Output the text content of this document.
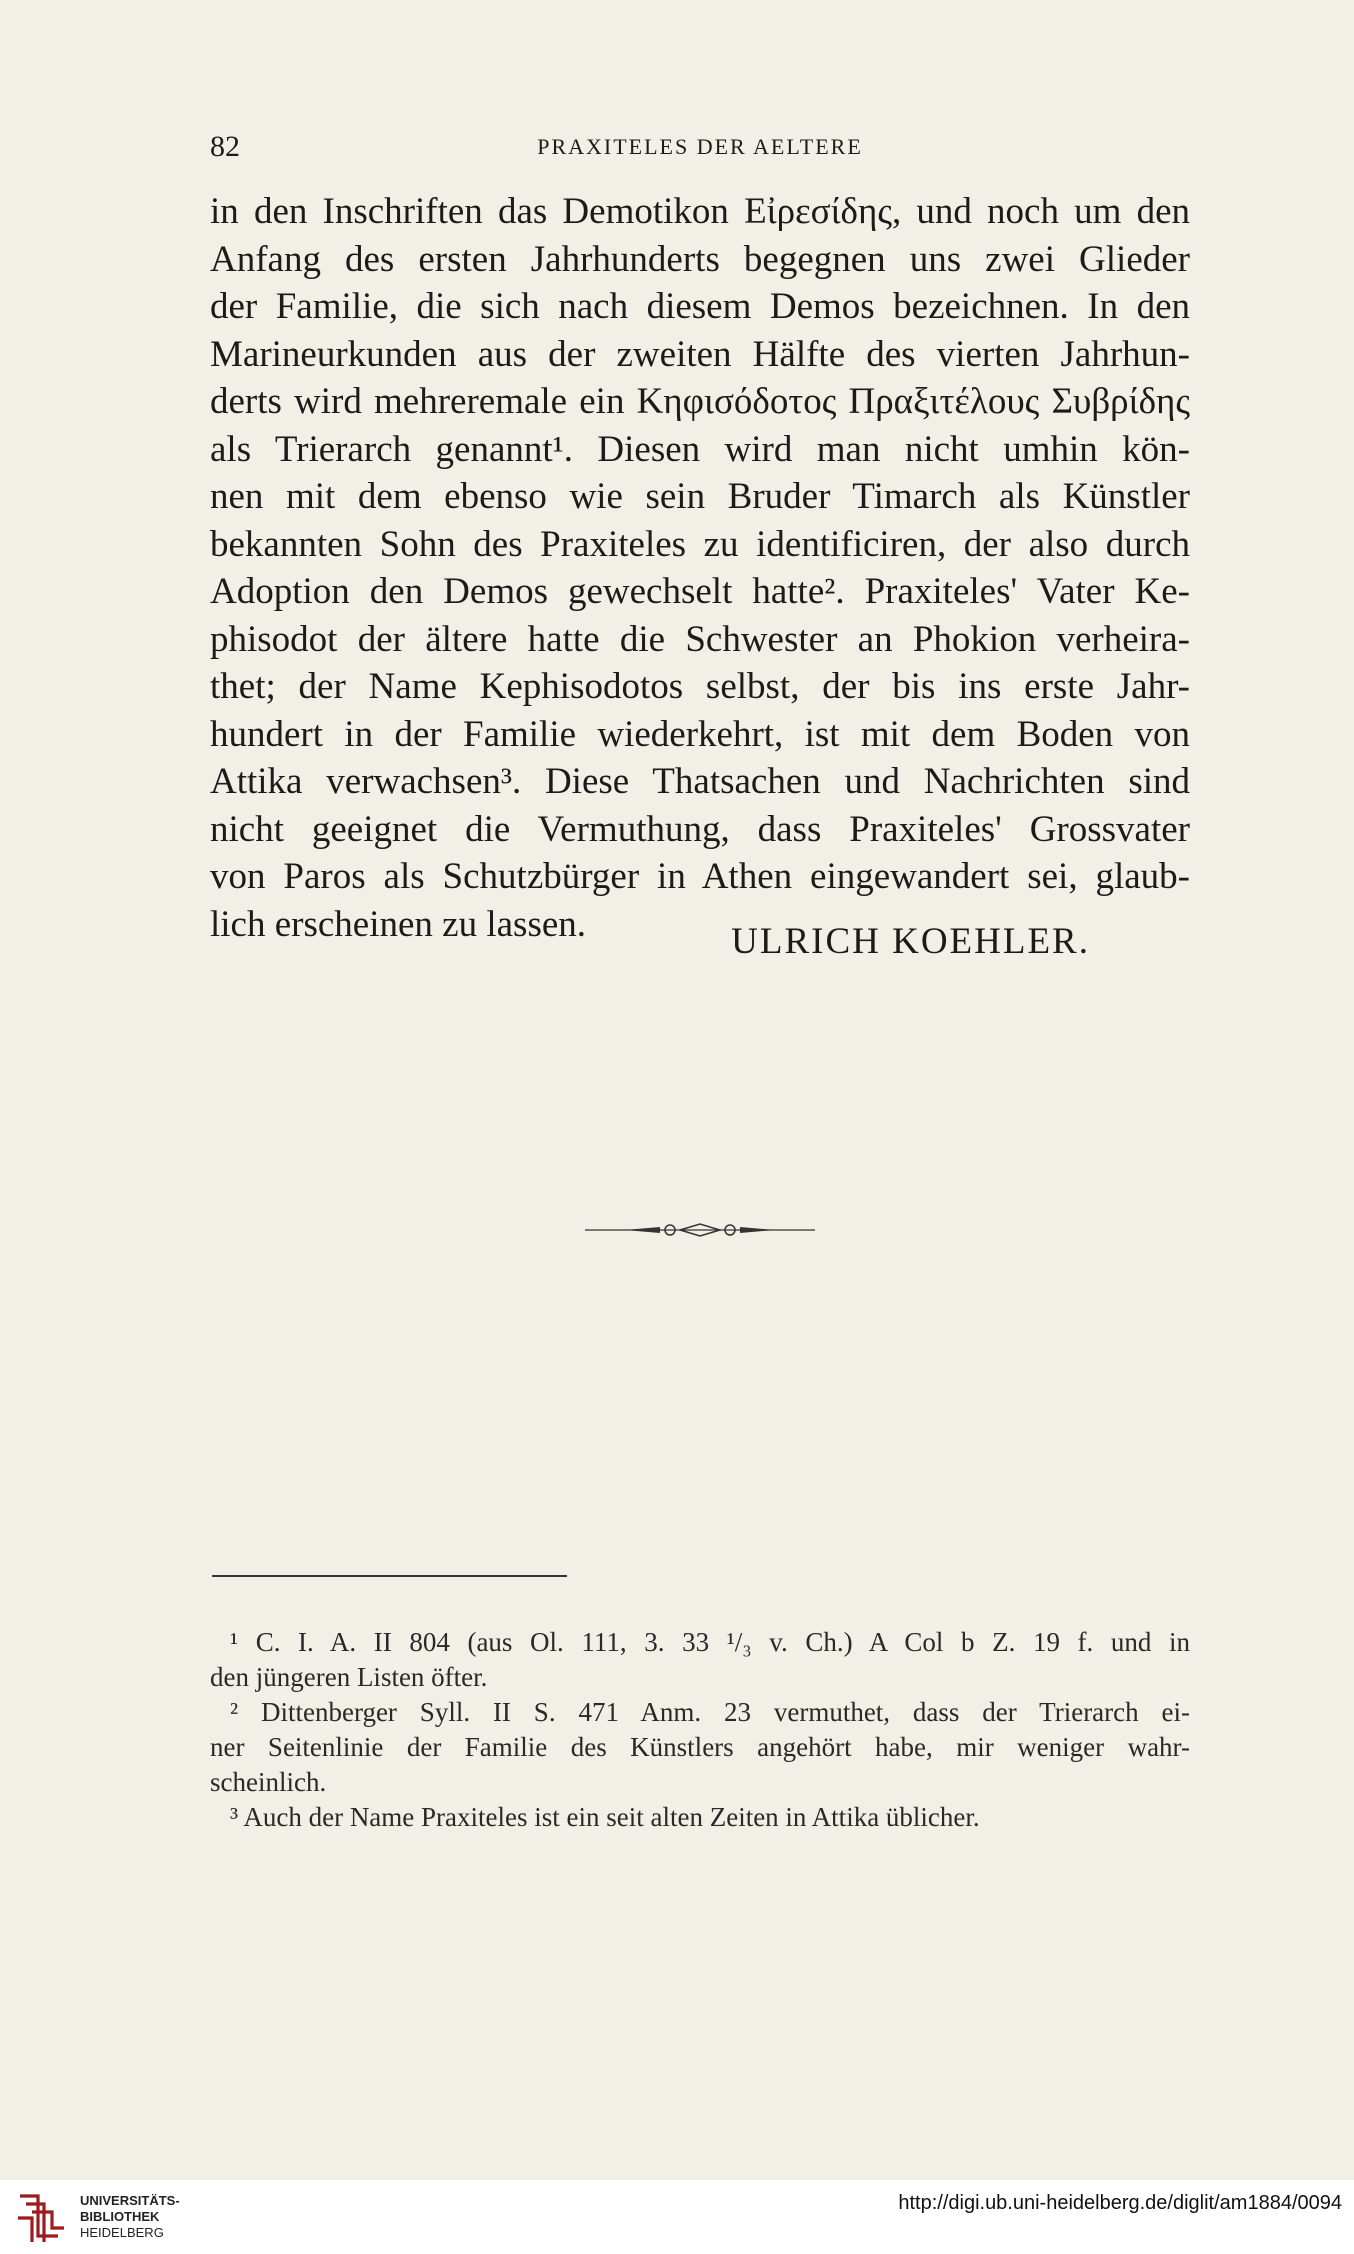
82	PRAXITELES DER AELTERE
in den Inschriften das Demotikon Εἰρεσίδης, und noch um den
Anfang des ersten Jahrhunderts begegnen uns zwei Glieder
der Familie, die sich nach diesem Demos bezeichnen. In den
Marineurkunden aus der zweiten Hälfte des vierten Jahrhun-
derts wird mehreremale ein Κηφισόδοτος Πραξιτέλους Συβρίδης
als Trierarch genannt¹. Diesen wird man nicht umhin kön-
nen mit dem ebenso wie sein Bruder Timarch als Künstler
bekannten Sohn des Praxiteles zu identificiren, der also durch
Adoption den Demos gewechselt hatte². Praxiteles' Vater Ke-
phisodot der ältere hatte die Schwester an Phokion verheira-
thet; der Name Kephisodotos selbst, der bis ins erste Jahr-
hundert in der Familie wiederkehrt, ist mit dem Boden von
Attika verwachsen³. Diese Thatsachen und Nachrichten sind
nicht geeignet die Vermuthung, dass Praxiteles' Grossvater
von Paros als Schutzbürger in Athen eingewandert sei, glaub-
lich erscheinen zu lassen.	ULRICH KOEHLER.
¹ C. I. A. II 804 (aus Ol. 111, 3. 33 ¹/₃ v. Ch.) A Col b Z. 19 f. und in
den jüngeren Listen öfter.
² Dittenberger Syll. II S. 471 Anm. 23 vermuthet, dass der Trierarch ei-
ner Seitenlinie der Familie des Künstlers angehört habe, mir weniger wahr-
scheinlich.
³ Auch der Name Praxiteles ist ein seit alten Zeiten in Attika üblicher.
UNIVERSITÄTS-
BIBLIOTHEK
HEIDELBERG
http://digi.ub.uni-heidelberg.de/diglit/am1884/0094
